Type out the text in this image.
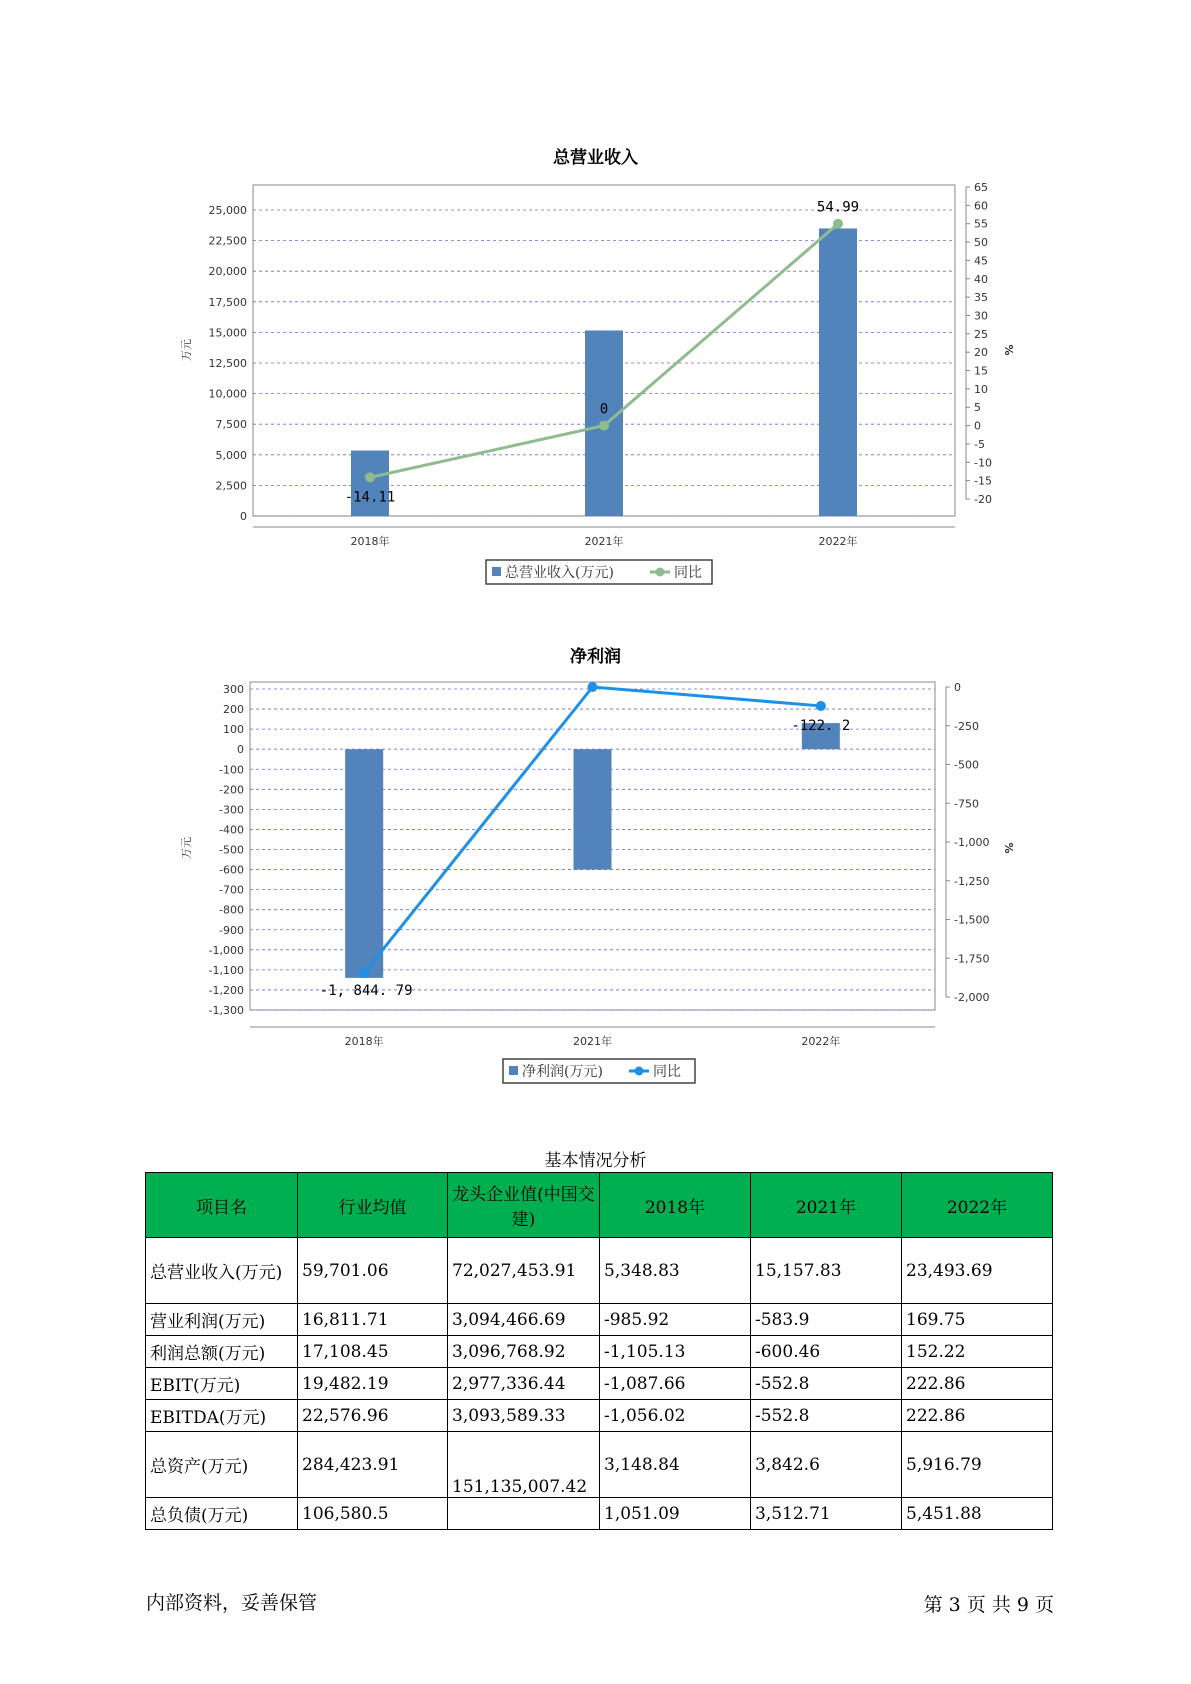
总营业收入
0
2,500
5,000
7,500
10,000
12,500
15,000
17,500
20,000
22,500
25,000
-20
-15
-10
-5
0
5
10
15
20
25
30
35
40
45
50
55
60
65
万元	%
2018年	2021年	2022年
-14.11
0
54.99
总营业收入(万元)	同比
净利润
-1,300
-1,200
-1,100
-1,000
-900
-800
-700
-600
-500
-400
-300
-200
-100
0
100
200
300
-2,000
-1,750
-1,500
-1,250
-1,000
-750
-500
-250
0
万元	%
2018年	2021年	2022年
-1, 844. 79
-122. 2
净利润(万元)	同比
基本情况分析
项目名	行业均值	龙头企业值(中国交建)	2018年	2021年	2022年
总营业收入(万元)	59,701.06	72,027,453.91	5,348.83	15,157.83	23,493.69
营业利润(万元)	16,811.71	3,094,466.69	-985.92	-583.9	169.75
利润总额(万元)	17,108.45	3,096,768.92	-1,105.13	-600.46	152.22
EBIT(万元)	19,482.19	2,977,336.44	-1,087.66	-552.8	222.86
EBITDA(万元)	22,576.96	3,093,589.33	-1,056.02	-552.8	222.86
总资产(万元)	284,423.91	151,135,007.42	3,148.84	3,842.6	5,916.79
总负债(万元)	106,580.5		1,051.09	3,512.71	5,451.88
内部资料，妥善保管	第 3 页 共 9 页
